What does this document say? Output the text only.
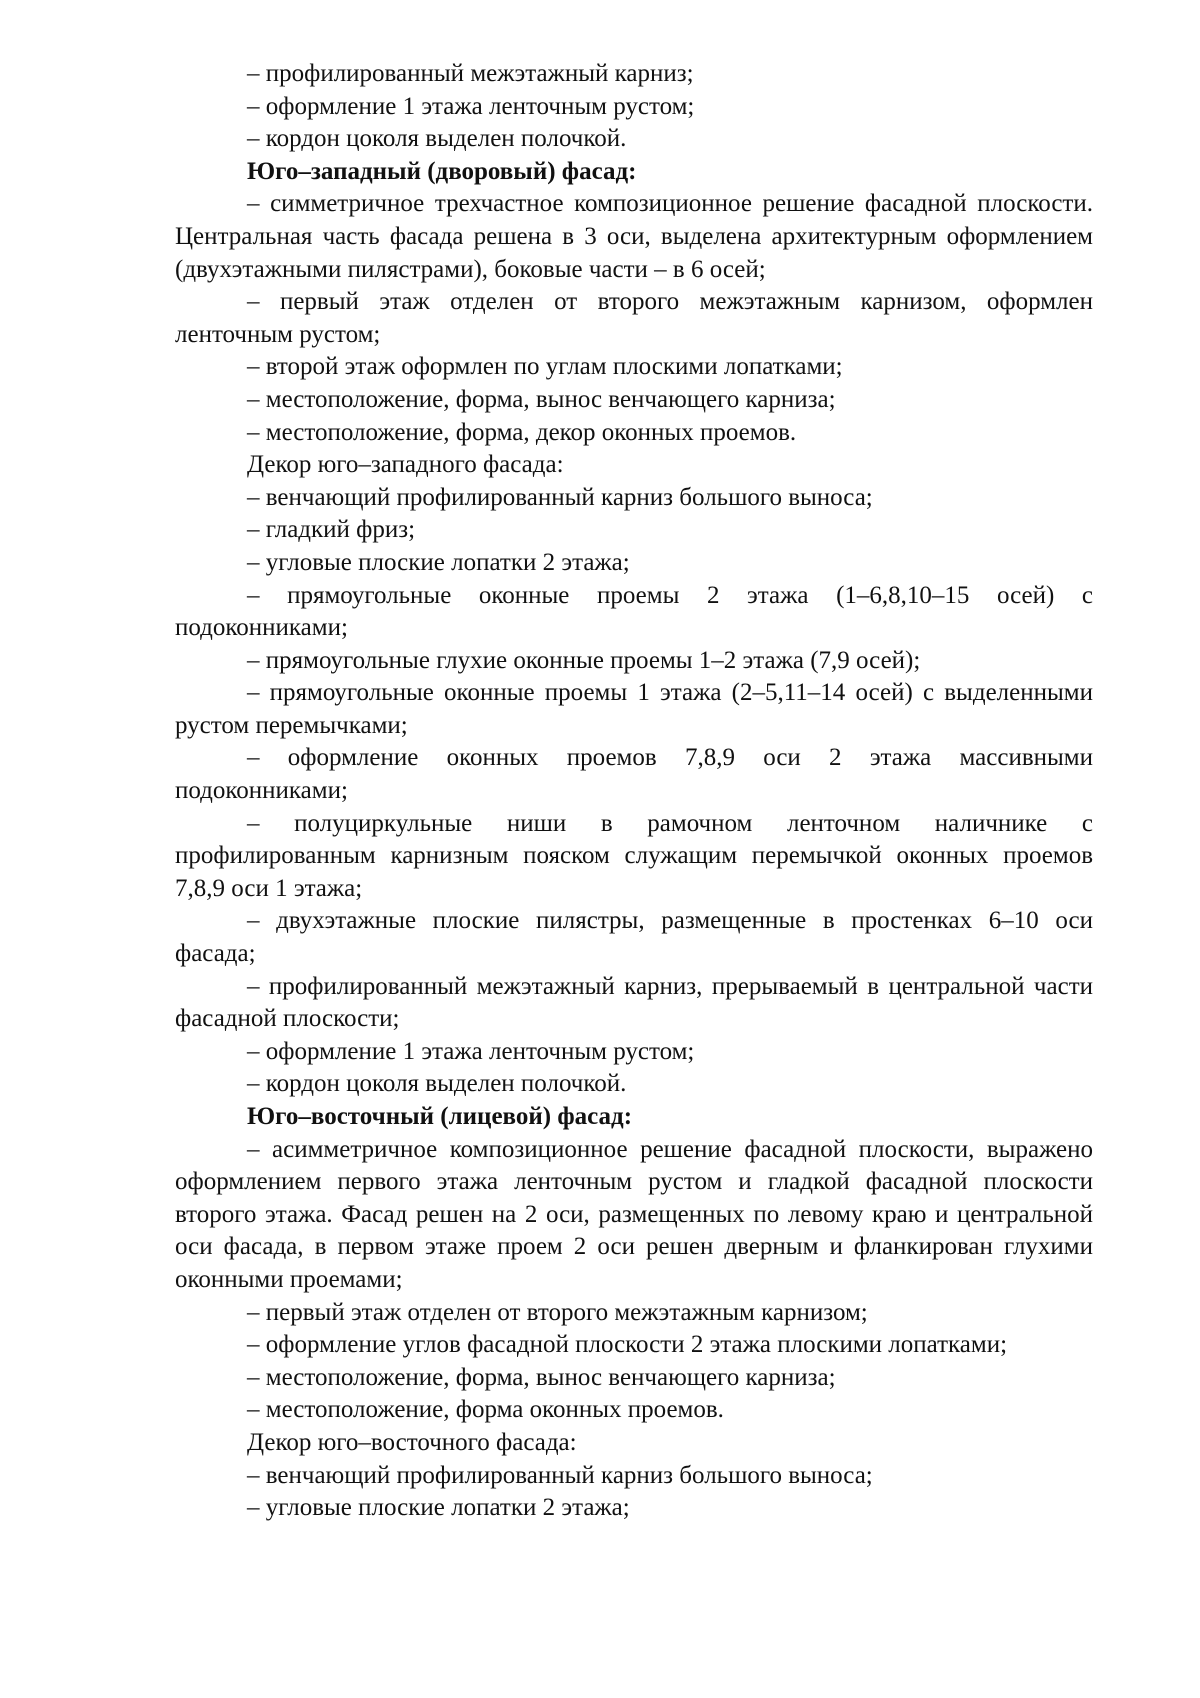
– профилированный межэтажный карниз;

– оформление 1 этажа ленточным рустом;

– кордон цоколя выделен полочкой.

Юго–западный (дворовый) фасад:

– симметричное трехчастное композиционное решение фасадной плоскости. Центральная часть фасада решена в 3 оси, выделена архитектурным оформлением (двухэтажными пилястрами), боковые части – в 6 осей;

– первый этаж отделен от второго межэтажным карнизом, оформлен ленточным рустом;

– второй этаж оформлен по углам плоскими лопатками;

– местоположение, форма, вынос венчающего карниза;

– местоположение, форма, декор оконных проемов.

Декор юго–западного фасада:

– венчающий профилированный карниз большого выноса;

– гладкий фриз;

– угловые плоские лопатки 2 этажа;

– прямоугольные оконные проемы 2 этажа (1–6,8,10–15 осей) с подоконниками;

– прямоугольные глухие оконные проемы 1–2 этажа (7,9 осей);

– прямоугольные оконные проемы 1 этажа (2–5,11–14 осей) с выделенными рустом перемычками;

– оформление оконных проемов 7,8,9 оси 2 этажа массивными подоконниками;

– полуциркульные ниши в рамочном ленточном наличнике с профилированным карнизным пояском служащим перемычкой оконных проемов 7,8,9 оси 1 этажа;

– двухэтажные плоские пилястры, размещенные в простенках 6–10 оси фасада;

– профилированный межэтажный карниз, прерываемый в центральной части фасадной плоскости;

– оформление 1 этажа ленточным рустом;

– кордон цоколя выделен полочкой.

Юго–восточный (лицевой) фасад:

– асимметричное композиционное решение фасадной плоскости, выражено оформлением первого этажа ленточным рустом и гладкой фасадной плоскости второго этажа. Фасад решен на 2 оси, размещенных по левому краю и центральной оси фасада, в первом этаже проем 2 оси решен дверным и фланкирован глухими оконными проемами;

– первый этаж отделен от второго межэтажным карнизом;

– оформление углов фасадной плоскости 2 этажа плоскими лопатками;

– местоположение, форма, вынос венчающего карниза;

– местоположение, форма оконных проемов.

Декор юго–восточного фасада:

– венчающий профилированный карниз большого выноса;

– угловые плоские лопатки 2 этажа;
